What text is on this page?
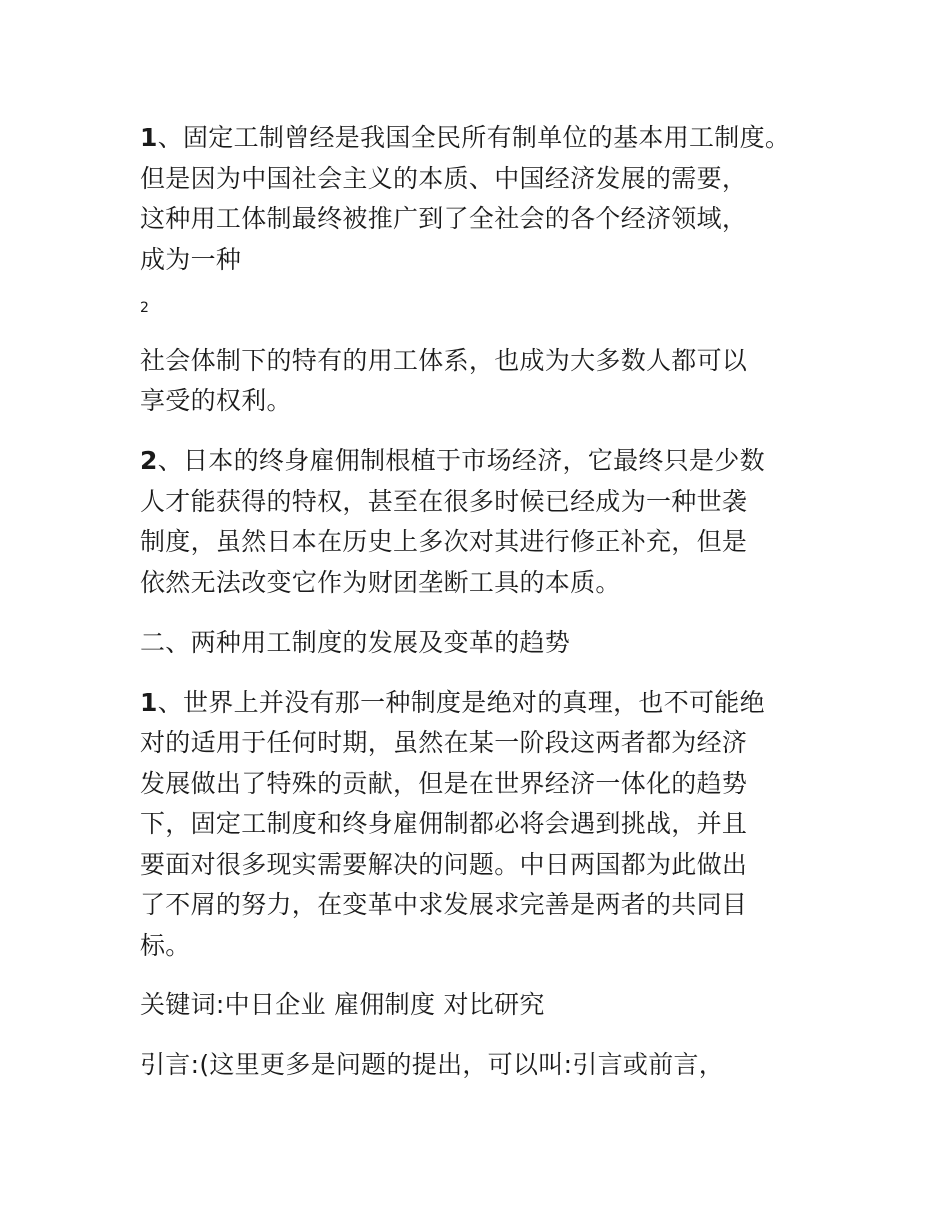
1、固定工制曾经是我国全民所有制单位的基本用工制度。
但是因为中国社会主义的本质、中国经济发展的需要，
这种用工体制最终被推广到了全社会的各个经济领域，
成为一种
2
社会体制下的特有的用工体系，也成为大多数人都可以
享受的权利。
2、日本的终身雇佣制根植于市场经济，它最终只是少数
人才能获得的特权，甚至在很多时候已经成为一种世袭
制度，虽然日本在历史上多次对其进行修正补充，但是
依然无法改变它作为财团垄断工具的本质。
二、两种用工制度的发展及变革的趋势
1、世界上并没有那一种制度是绝对的真理，也不可能绝
对的适用于任何时期，虽然在某一阶段这两者都为经济
发展做出了特殊的贡献，但是在世界经济一体化的趋势
下，固定工制度和终身雇佣制都必将会遇到挑战，并且
要面对很多现实需要解决的问题。中日两国都为此做出
了不屑的努力，在变革中求发展求完善是两者的共同目
标。
关键词:中日企业 雇佣制度 对比研究
引言:(这里更多是问题的提出，可以叫:引言或前言，
